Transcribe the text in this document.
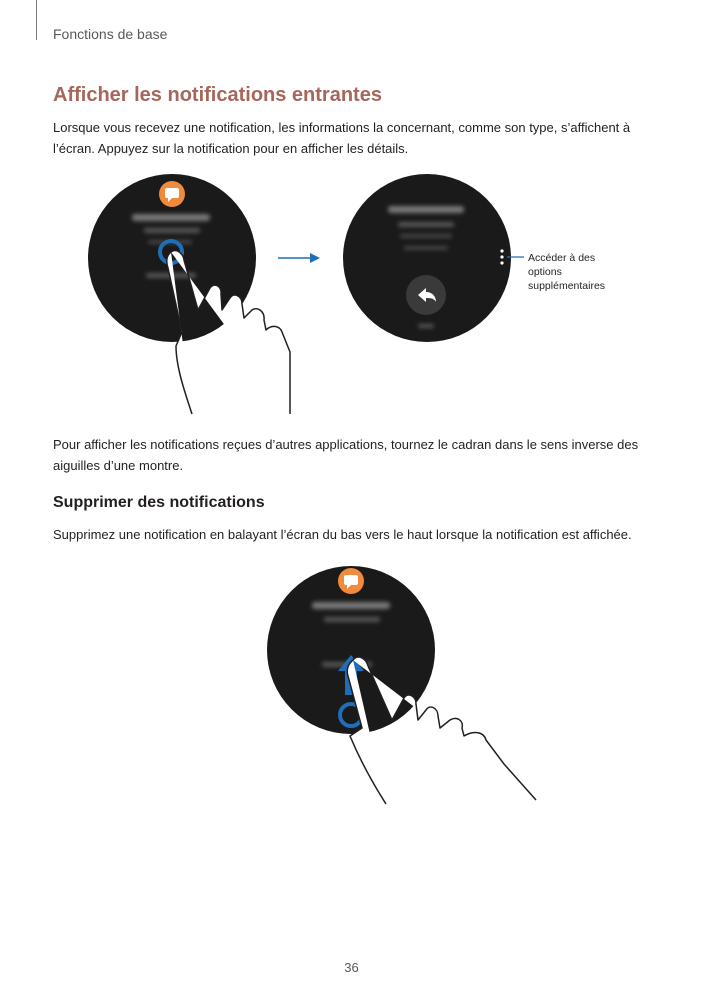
Fonctions de base
Afficher les notifications entrantes

Lorsque vous recevez une notification, les informations la concernant, comme son type, s’affichent à l’écran. Appuyez sur la notification pour en afficher les détails.

Accéder à des options supplémentaires

Pour afficher les notifications reçues d’autres applications, tournez le cadran dans le sens inverse des aiguilles d’une montre.

Supprimer des notifications

Supprimez une notification en balayant l’écran du bas vers le haut lorsque la notification est affichée.

36
